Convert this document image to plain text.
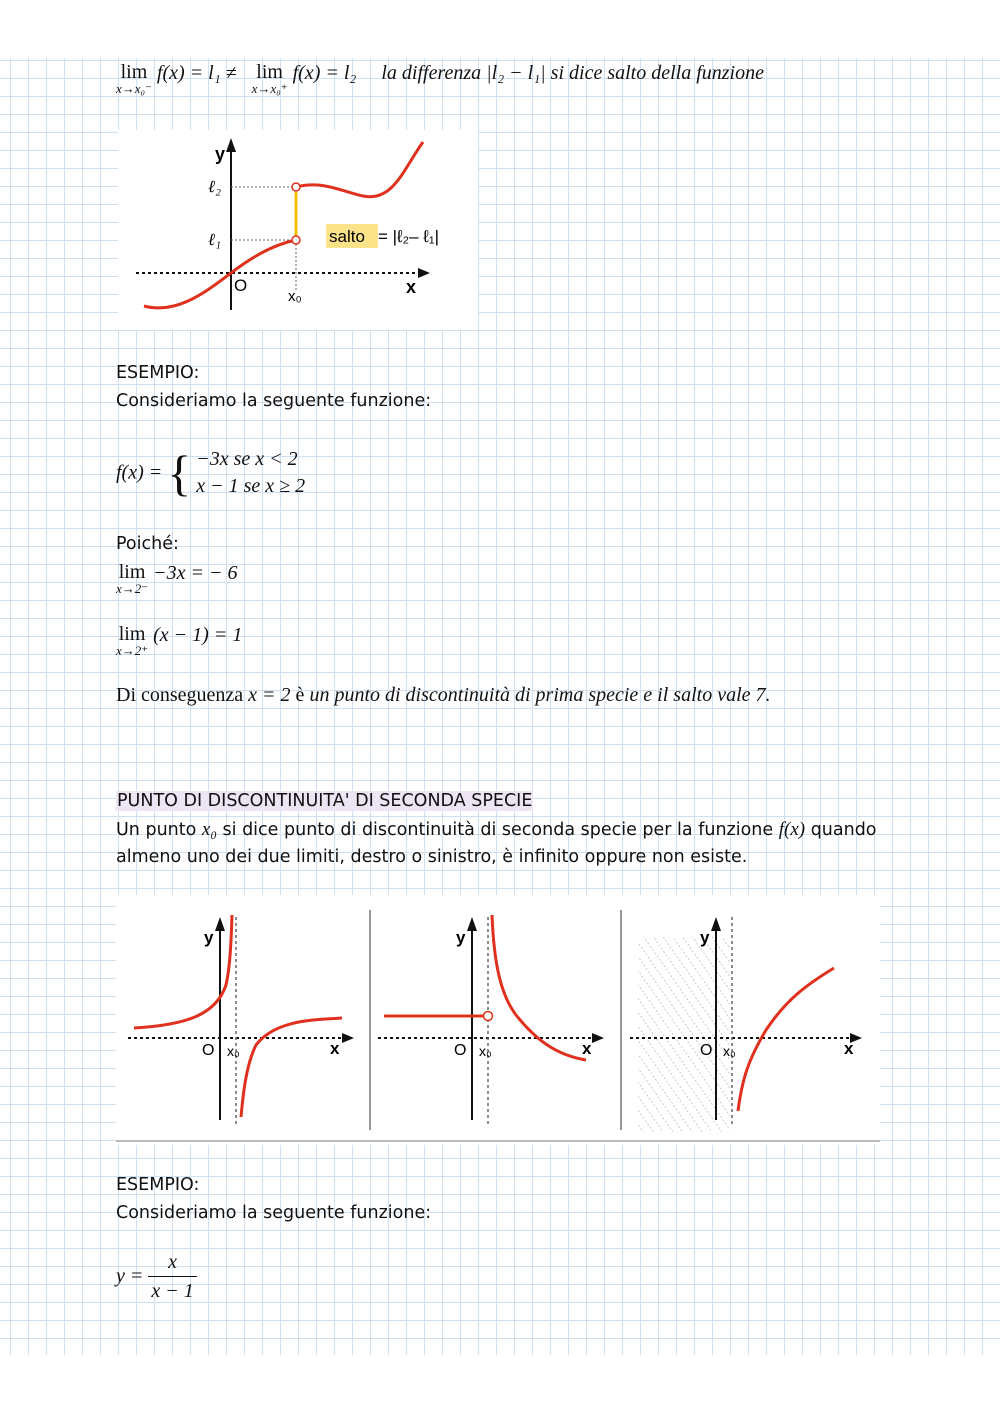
lim
x→x₀⁻
f(x) = l₁ ≠ lim
x→x₀⁺
f(x) = l₂ la differenza |l₂ − l₁| si dice salto della funzione
y
ℓ₂
ℓ₁
O
x₀	x
salto = |ℓ₂– ℓ₁|
ESEMPIO:
Consideriamo la seguente funzione:
f(x) = { −3x se x < 2
x − 1 se x ≥ 2
Poiché:
lim
x→2⁻
−3x = − 6
lim
x→2⁺
(x − 1) = 1
Di conseguenza x = 2 è un punto di discontinuità di prima specie e il salto vale 7.
PUNTO DI DISCONTINUITA' DI SECONDA SPECIE
Un punto x₀ si dice punto di discontinuità di seconda specie per la funzione f(x) quando
almeno uno dei due limiti, destro o sinistro, è infinito oppure non esiste.
y
O x₀	x
y
O x₀	x
y
O x₀	x
ESEMPIO:
Consideriamo la seguente funzione:
$y = \frac{x}{x - 1}$
